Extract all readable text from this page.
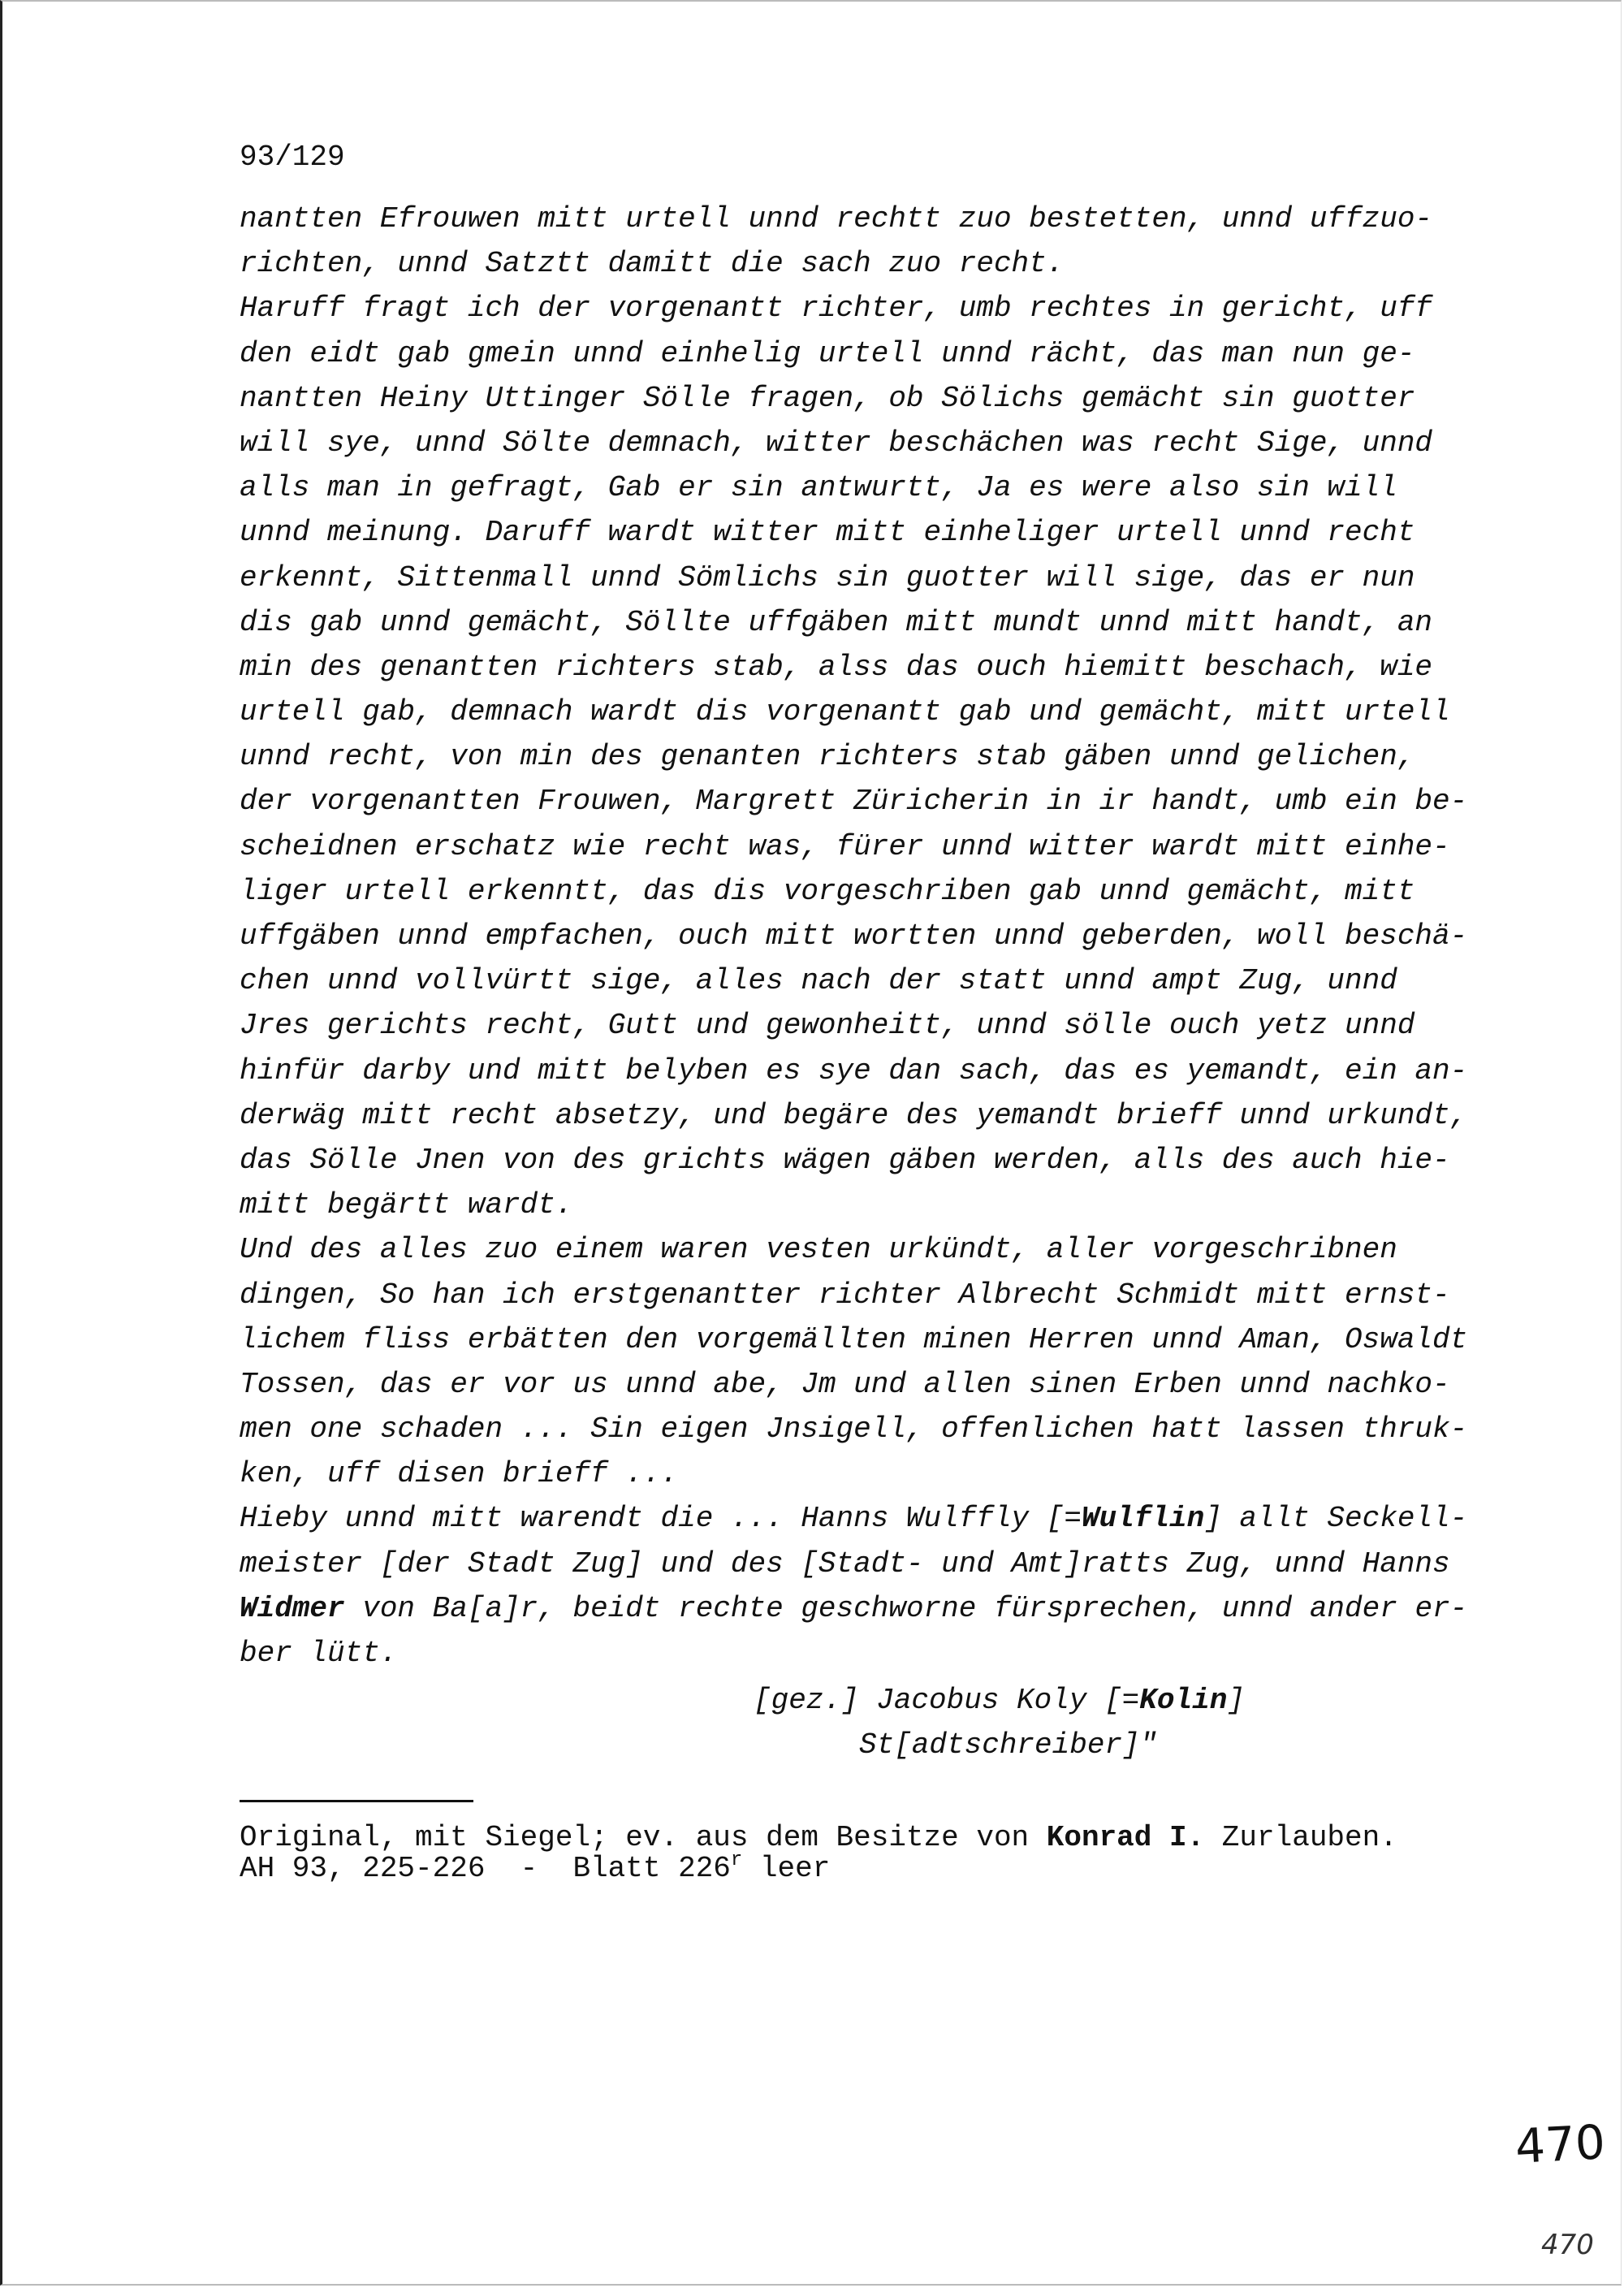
93/129
nantten Efrouwen mitt urtell unnd rechtt zuo bestetten, unnd uffzuo-
richten, unnd Satztt damitt die sach zuo recht.
Haruff fragt ich der vorgenantt richter, umb rechtes in gericht, uff
den eidt gab gmein unnd einhelig urtell unnd rächt, das man nun ge-
nantten Heiny Uttinger Sölle fragen, ob Sölichs gemächt sin guotter
will sye, unnd Sölte demnach, witter beschächen was recht Sige, unnd
alls man in gefragt, Gab er sin antwurtt, Ja es were also sin will
unnd meinung. Daruff wardt witter mitt einheliger urtell unnd recht
erkennt, Sittenmall unnd Sömlichs sin guotter will sige, das er nun
dis gab unnd gemächt, Söllte uffgäben mitt mundt unnd mitt handt, an
min des genantten richters stab, alss das ouch hiemitt beschach, wie
urtell gab, demnach wardt dis vorgenantt gab und gemächt, mitt urtell
unnd recht, von min des genanten richters stab gäben unnd gelichen,
der vorgenantten Frouwen, Margrett Züricherin in ir handt, umb ein be-
scheidnen erschatz wie recht was, fürer unnd witter wardt mitt einhe-
liger urtell erkenntt, das dis vorgeschriben gab unnd gemächt, mitt
uffgäben unnd empfachen, ouch mitt wortten unnd geberden, woll beschä-
chen unnd vollvürtt sige, alles nach der statt unnd ampt Zug, unnd
Jres gerichts recht, Gutt und gewonheitt, unnd sölle ouch yetz unnd
hinfür darby und mitt belyben es sye dan sach, das es yemandt, ein an-
derwäg mitt recht absetzy, und begäre des yemandt brieff unnd urkundt,
das Sölle Jnen von des grichts wägen gäben werden, alls des auch hie-
mitt begärtt wardt.
Und des alles zuo einem waren vesten urkündt, aller vorgeschribnen
dingen, So han ich erstgenantter richter Albrecht Schmidt mitt ernst-
lichem fliss erbätten den vorgemällten minen Herren unnd Aman, Oswaldt
Tossen, das er vor us unnd abe, Jm und allen sinen Erben unnd nachko-
men one schaden ... Sin eigen Jnsigell, offenlichen hatt lassen thruk-
ken, uff disen brieff ...
Hieby unnd mitt warendt die ... Hanns Wulffly [=Wulflin] allt Seckell-
meister [der Stadt Zug] und des [Stadt- und Amt]ratts Zug, unnd Hanns
Widmer von Ba[a]r, beidt rechte geschworne fürsprechen, unnd ander er-
ber lütt.
[gez.] Jacobus Koly [=Kolin]
St[adtschreiber]"
Original, mit Siegel; ev. aus dem Besitze von Konrad I. Zurlauben.
AH 93, 225-226  -  Blatt 226$^r$ leer
470
470
